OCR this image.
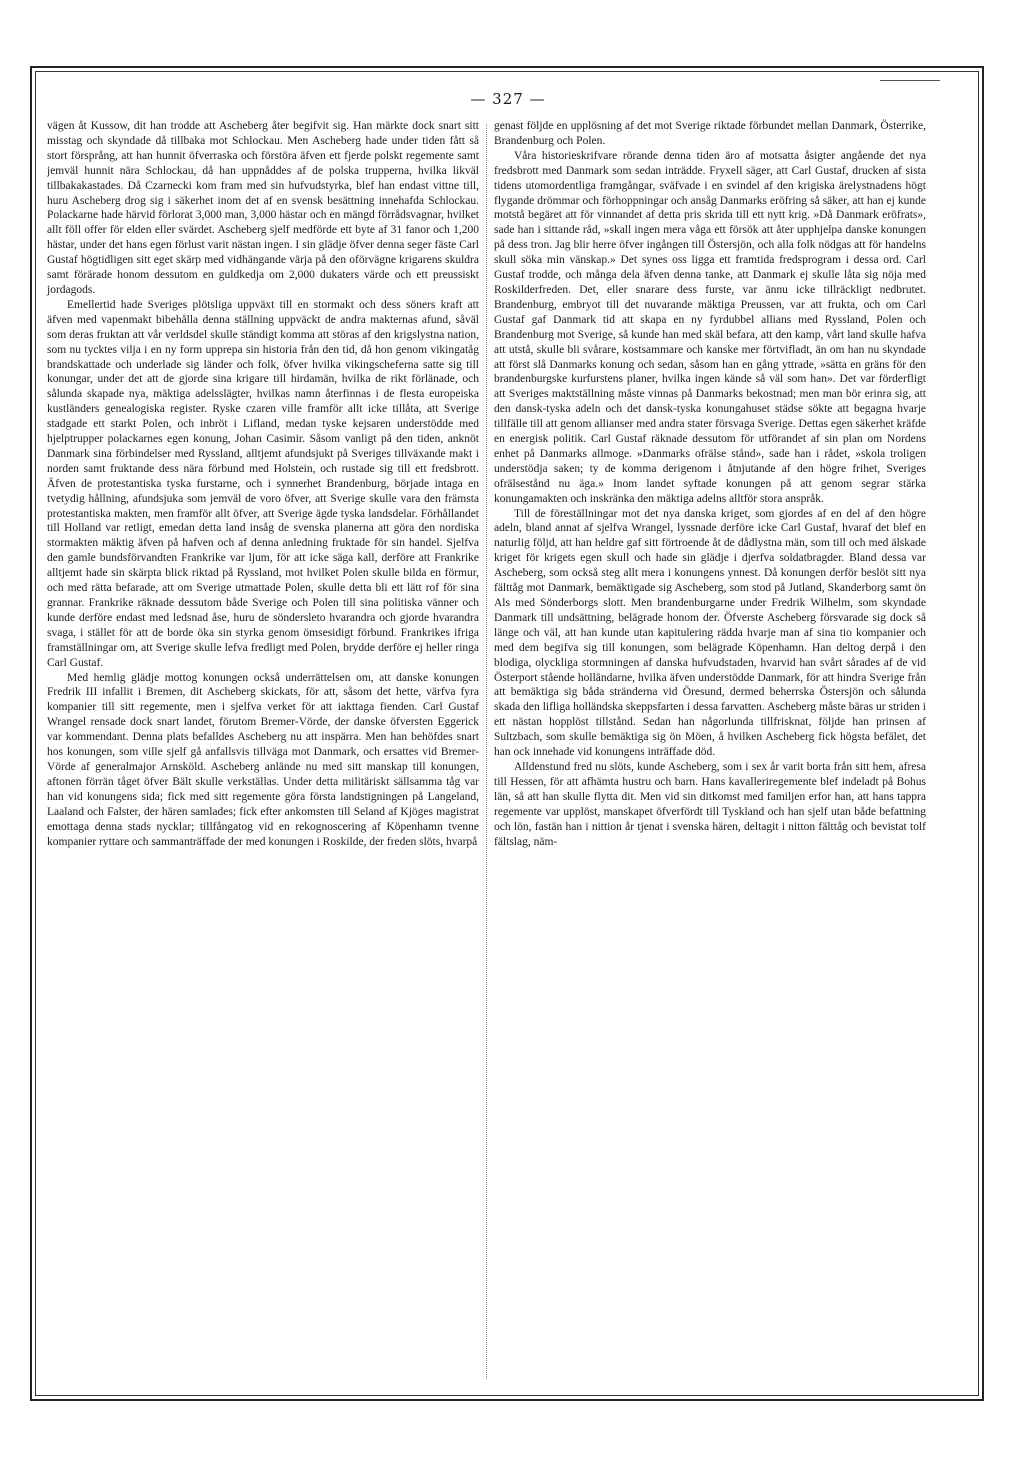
— 327 —

vägen åt Kussow, dit han trodde att Ascheberg åter begifvit sig. Han märkte dock snart sitt misstag och skyndade då tillbaka mot Schlockau. Men Ascheberg hade under tiden fått så stort försprång, att han hunnit öfverraska och förstöra äfven ett fjerde polskt regemente samt jemväl hunnit nära Schlockau, då han uppnåddes af de polska trupperna, hvilka likväl tillbakakastades. Då Czarnecki kom fram med sin hufvudstyrka, blef han endast vittne till, huru Ascheberg drog sig i säkerhet inom det af en svensk besättning innehafda Schlockau. Polackarne hade härvid förlorat 3,000 man, 3,000 hästar och en mängd förrådsvagnar, hvilket allt föll offer för elden eller svärdet. Ascheberg sjelf medförde ett byte af 31 fanor och 1,200 hästar, under det hans egen förlust varit nästan ingen. I sin glädje öfver denna seger fäste Carl Gustaf högtidligen sitt eget skärp med vidhängande värja på den oförvägne krigarens skuldra samt förärade honom dessutom en guldkedja om 2,000 dukaters värde och ett preussiskt jordagods.

Emellertid hade Sveriges plötsliga uppväxt till en stormakt och dess söners kraft att äfven med vapenmakt bibehålla denna ställning uppväckt de andra makternas afund, såväl som deras fruktan att vår verldsdel skulle ständigt komma att störas af den krigslystna nation, som nu tycktes vilja i en ny form upprepa sin historia från den tid, då hon genom vikingatåg brandskattade och underlade sig länder och folk, öfver hvilka vikingscheferna satte sig till konungar, under det att de gjorde sina krigare till hirdamän, hvilka de rikt förlänade, och sålunda skapade nya, mäktiga adelsslägter, hvilkas namn återfinnas i de flesta europeiska kustländers genealogiska register. Ryske czaren ville framför allt icke tillåta, att Sverige stadgade ett starkt Polen, och inbröt i Lifland, medan tyske kejsaren understödde med hjelptrupper polackarnes egen konung, Johan Casimir. Såsom vanligt på den tiden, anknöt Danmark sina förbindelser med Ryssland, alltjemt afundsjukt på Sveriges tillväxande makt i norden samt fruktande dess nära förbund med Holstein, och rustade sig till ett fredsbrott. Äfven de protestantiska tyska furstarne, och i synnerhet Brandenburg, började intaga en tvetydig hållning, afundsjuka som jemväl de voro öfver, att Sverige skulle vara den främsta protestantiska makten, men framför allt öfver, att Sverige ägde tyska landsdelar. Förhållandet till Holland var retligt, emedan detta land insåg de svenska planerna att göra den nordiska stormakten mäktig äfven på hafven och af denna anledning fruktade för sin handel. Sjelfva den gamle bundsförvandten Frankrike var ljum, för att icke säga kall, derföre att Frankrike alltjemt hade sin skärpta blick riktad på Ryssland, mot hvilket Polen skulle bilda en förmur, och med rätta befarade, att om Sverige utmattade Polen, skulle detta bli ett lätt rof för sina grannar. Frankrike räknade dessutom både Sverige och Polen till sina politiska vänner och kunde derföre endast med ledsnad åse, huru de söndersleto hvarandra och gjorde hvarandra svaga, i stället för att de borde öka sin styrka genom ömsesidigt förbund. Frankrikes ifriga framställningar om, att Sverige skulle lefva fredligt med Polen, brydde derföre ej heller ringa Carl Gustaf.

Med hemlig glädje mottog konungen också underrättelsen om, att danske konungen Fredrik III infallit i Bremen, dit Ascheberg skickats, för att, såsom det hette, värfva fyra kompanier till sitt regemente, men i sjelfva verket för att iakttaga fienden. Carl Gustaf Wrangel rensade dock snart landet, förutom Bremer-Vörde, der danske öfversten Eggerick var kommendant. Denna plats befalldes Ascheberg nu att inspärra. Men han behöfdes snart hos konungen, som ville sjelf gå anfallsvis tillväga mot Danmark, och ersattes vid Bremer-Vörde af generalmajor Arnsköld. Ascheberg anlände nu med sitt manskap till konungen, aftonen förrän tåget öfver Bält skulle verkställas. Under detta militäriskt sällsamma tåg var han vid konungens sida; fick med sitt regemente göra första landstigningen på Langeland, Laaland och Falster, der hären samlades; fick efter ankomsten till Seland af Kjöges magistrat emottaga denna stads nycklar; tillfångatog vid en rekognoscering af Köpenhamn tvenne kompanier ryttare och sammanträffade der med konungen i Roskilde, der freden slöts, hvarpå

genast följde en upplösning af det mot Sverige riktade förbundet mellan Danmark, Österrike, Brandenburg och Polen.

Våra historieskrifvare rörande denna tiden äro af motsatta åsigter angående det nya fredsbrott med Danmark som sedan inträdde. Fryxell säger, att Carl Gustaf, drucken af sista tidens utomordentliga framgångar, sväfvade i en svindel af den krigiska ärelystnadens högt flygande drömmar och förhoppningar och ansåg Danmarks eröfring så säker, att han ej kunde motstå begäret att för vinnandet af detta pris skrida till ett nytt krig. »Då Danmark eröfrats», sade han i sittande råd, »skall ingen mera våga ett försök att åter upphjelpa danske konungen på dess tron. Jag blir herre öfver ingången till Östersjön, och alla folk nödgas att för handelns skull söka min vänskap.» Det synes oss ligga ett framtida fredsprogram i dessa ord. Carl Gustaf trodde, och många dela äfven denna tanke, att Danmark ej skulle låta sig nöja med Roskilderfreden. Det, eller snarare dess furste, var ännu icke tillräckligt nedbrutet. Brandenburg, embryot till det nuvarande mäktiga Preussen, var att frukta, och om Carl Gustaf gaf Danmark tid att skapa en ny fyrdubbel allians med Ryssland, Polen och Brandenburg mot Sverige, så kunde han med skäl befara, att den kamp, vårt land skulle hafva att utstå, skulle bli svårare, kostsammare och kanske mer förtvifladt, än om han nu skyndade att först slå Danmarks konung och sedan, såsom han en gång yttrade, »sätta en gräns för den brandenburgske kurfurstens planer, hvilka ingen kände så väl som han». Det var förderfligt att Sveriges maktställning måste vinnas på Danmarks bekostnad; men man bör erinra sig, att den dansk-tyska adeln och det dansk-tyska konungahuset städse sökte att begagna hvarje tillfälle till att genom allianser med andra stater försvaga Sverige. Dettas egen säkerhet kräfde en energisk politik. Carl Gustaf räknade dessutom för utförandet af sin plan om Nordens enhet på Danmarks allmoge. »Danmarks ofrälse stånd», sade han i rådet, »skola troligen understödja saken; ty de komma derigenom i åtnjutande af den högre frihet, Sveriges ofrälsestånd nu äga.» Inom landet syftade konungen på att genom segrar stärka konungamakten och inskränka den mäktiga adelns alltför stora anspråk.

Till de föreställningar mot det nya danska kriget, som gjordes af en del af den högre adeln, bland annat af sjelfva Wrangel, lyssnade derföre icke Carl Gustaf, hvaraf det blef en naturlig följd, att han heldre gaf sitt förtroende åt de dådlystna män, som till och med älskade kriget för krigets egen skull och hade sin glädje i djerfva soldatbragder. Bland dessa var Ascheberg, som också steg allt mera i konungens ynnest. Då konungen derför beslöt sitt nya fälttåg mot Danmark, bemäktigade sig Ascheberg, som stod på Jutland, Skanderborg samt ön Als med Sönderborgs slott. Men brandenburgarne under Fredrik Wilhelm, som skyndade Danmark till undsättning, belägrade honom der. Öfverste Ascheberg försvarade sig dock så länge och väl, att han kunde utan kapitulering rädda hvarje man af sina tio kompanier och med dem begifva sig till konungen, som belägrade Köpenhamn. Han deltog derpå i den blodiga, olyckliga stormningen af danska hufvudstaden, hvarvid han svårt sårades af de vid Österport stående holländarne, hvilka äfven understödde Danmark, för att hindra Sverige från att bemäktiga sig båda stränderna vid Öresund, dermed beherrska Östersjön och sålunda skada den lifliga holländska skeppsfarten i dessa farvatten. Ascheberg måste bäras ur striden i ett nästan hopplöst tillstånd. Sedan han någorlunda tillfrisknat, följde han prinsen af Sultzbach, som skulle bemäktiga sig ön Möen, å hvilken Ascheberg fick högsta befälet, det han ock innehade vid konungens inträffade död.

Alldenstund fred nu slöts, kunde Ascheberg, som i sex år varit borta från sitt hem, afresa till Hessen, för att afhämta hustru och barn. Hans kavalleriregemente blef indeladt på Bohus län, så att han skulle flytta dit. Men vid sin ditkomst med familjen erfor han, att hans tappra regemente var upplöst, manskapet öfverfördt till Tyskland och han sjelf utan både befattning och lön, fastän han i nittion år tjenat i svenska hären, deltagit i nitton fälttåg och bevistat tolf fältslag, näm-
